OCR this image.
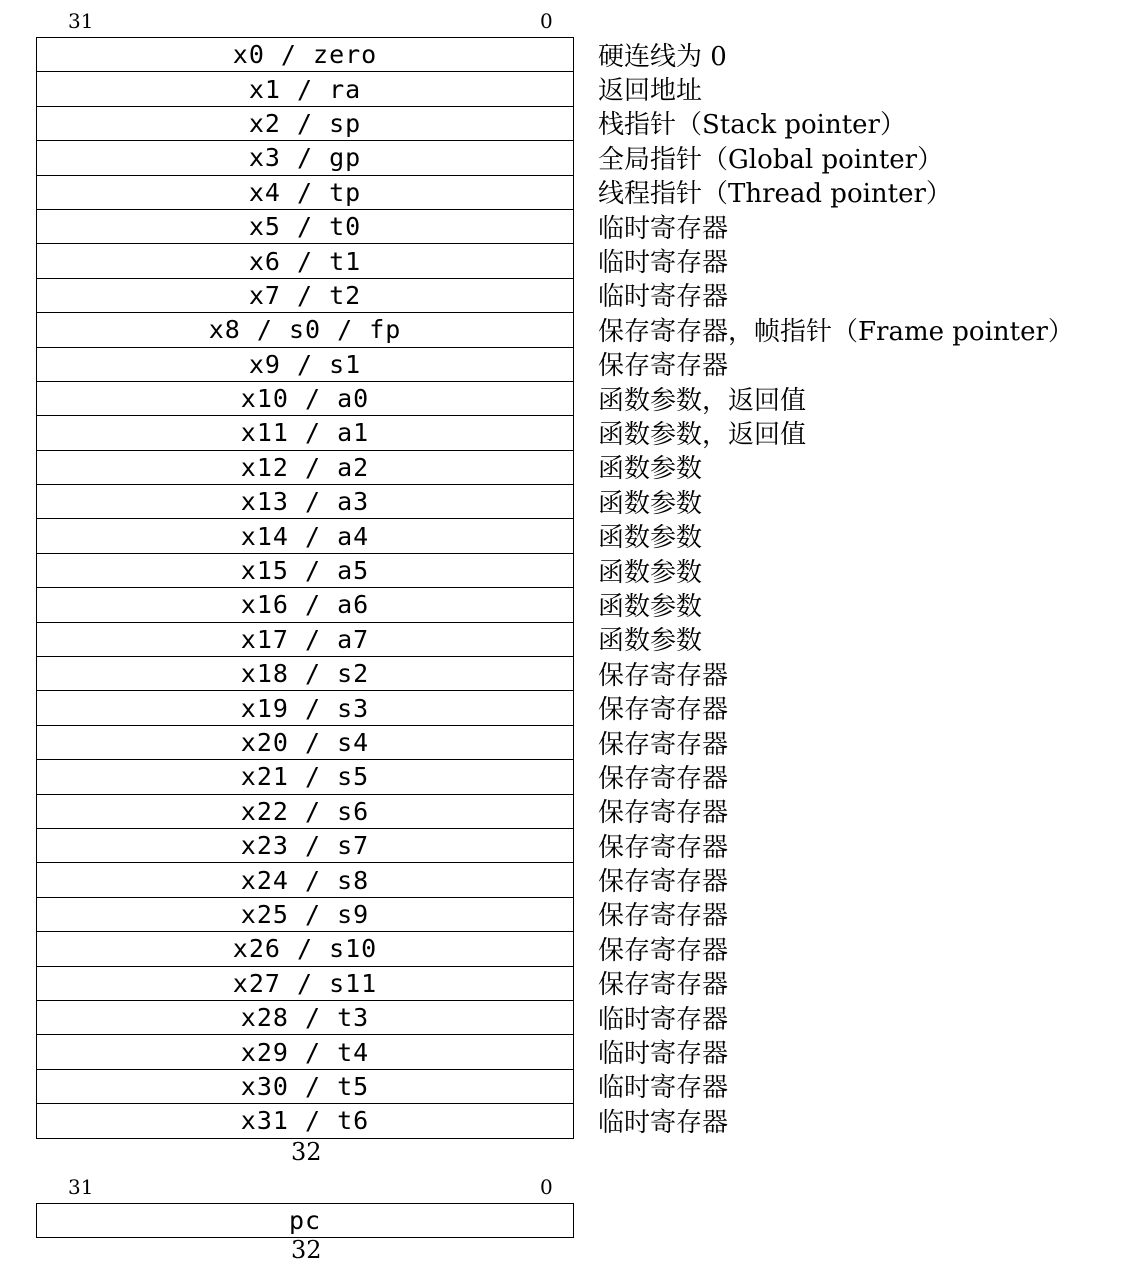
31	0
x0 / zero
x1 / ra
x2 / sp
x3 / gp
x4 / tp
x5 / t0
x6 / t1
x7 / t2
x8 / s0 / fp
x9 / s1
x10 / a0
x11 / a1
x12 / a2
x13 / a3
x14 / a4
x15 / a5
x16 / a6
x17 / a7
x18 / s2
x19 / s3
x20 / s4
x21 / s5
x22 / s6
x23 / s7
x24 / s8
x25 / s9
x26 / s10
x27 / s11
x28 / t3
x29 / t4
x30 / t5
x31 / t6
硬连线为 0
返回地址
栈指针（Stack pointer）
全局指针（Global pointer）
线程指针（Thread pointer）
临时寄存器
临时寄存器
临时寄存器
保存寄存器，帧指针（Frame pointer）
保存寄存器
函数参数，返回值
函数参数，返回值
函数参数
函数参数
函数参数
函数参数
函数参数
函数参数
保存寄存器
保存寄存器
保存寄存器
保存寄存器
保存寄存器
保存寄存器
保存寄存器
保存寄存器
保存寄存器
保存寄存器
临时寄存器
临时寄存器
临时寄存器
临时寄存器
32
31	0
pc
32
